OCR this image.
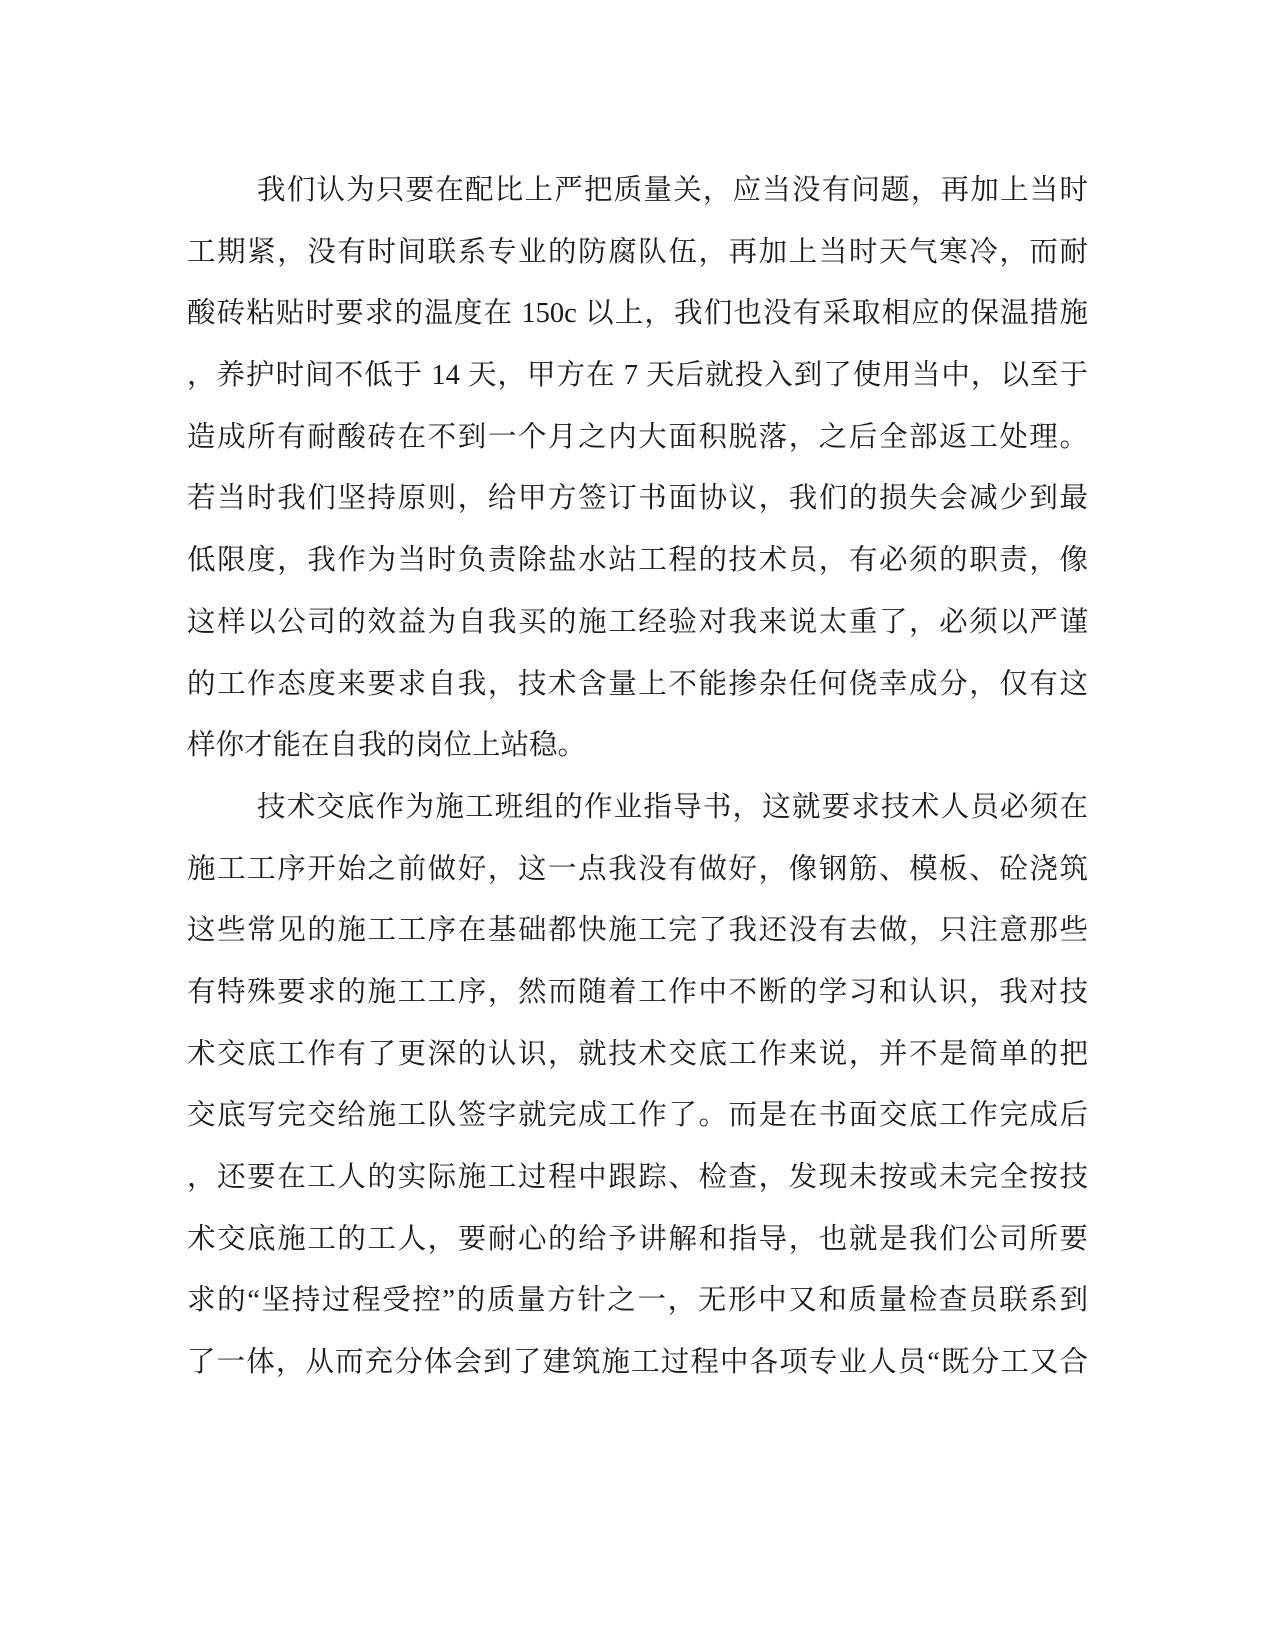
我们认为只要在配比上严把质量关，应当没有问题，再加上当时
工期紧，没有时间联系专业的防腐队伍，再加上当时天气寒冷，而耐
酸砖粘贴时要求的温度在 150c 以上，我们也没有采取相应的保温措施
，养护时间不低于 14 天，甲方在 7 天后就投入到了使用当中，以至于
造成所有耐酸砖在不到一个月之内大面积脱落，之后全部返工处理。
若当时我们坚持原则，给甲方签订书面协议，我们的损失会减少到最
低限度，我作为当时负责除盐水站工程的技术员，有必须的职责，像
这样以公司的效益为自我买的施工经验对我来说太重了，必须以严谨
的工作态度来要求自我，技术含量上不能掺杂任何侥幸成分，仅有这
样你才能在自我的岗位上站稳。
技术交底作为施工班组的作业指导书，这就要求技术人员必须在
施工工序开始之前做好，这一点我没有做好，像钢筋、模板、砼浇筑
这些常见的施工工序在基础都快施工完了我还没有去做，只注意那些
有特殊要求的施工工序，然而随着工作中不断的学习和认识，我对技
术交底工作有了更深的认识，就技术交底工作来说，并不是简单的把
交底写完交给施工队签字就完成工作了。而是在书面交底工作完成后
，还要在工人的实际施工过程中跟踪、检查，发现未按或未完全按技
术交底施工的工人，要耐心的给予讲解和指导，也就是我们公司所要
求的“坚持过程受控”的质量方针之一，无形中又和质量检查员联系到
了一体，从而充分体会到了建筑施工过程中各项专业人员“既分工又合
